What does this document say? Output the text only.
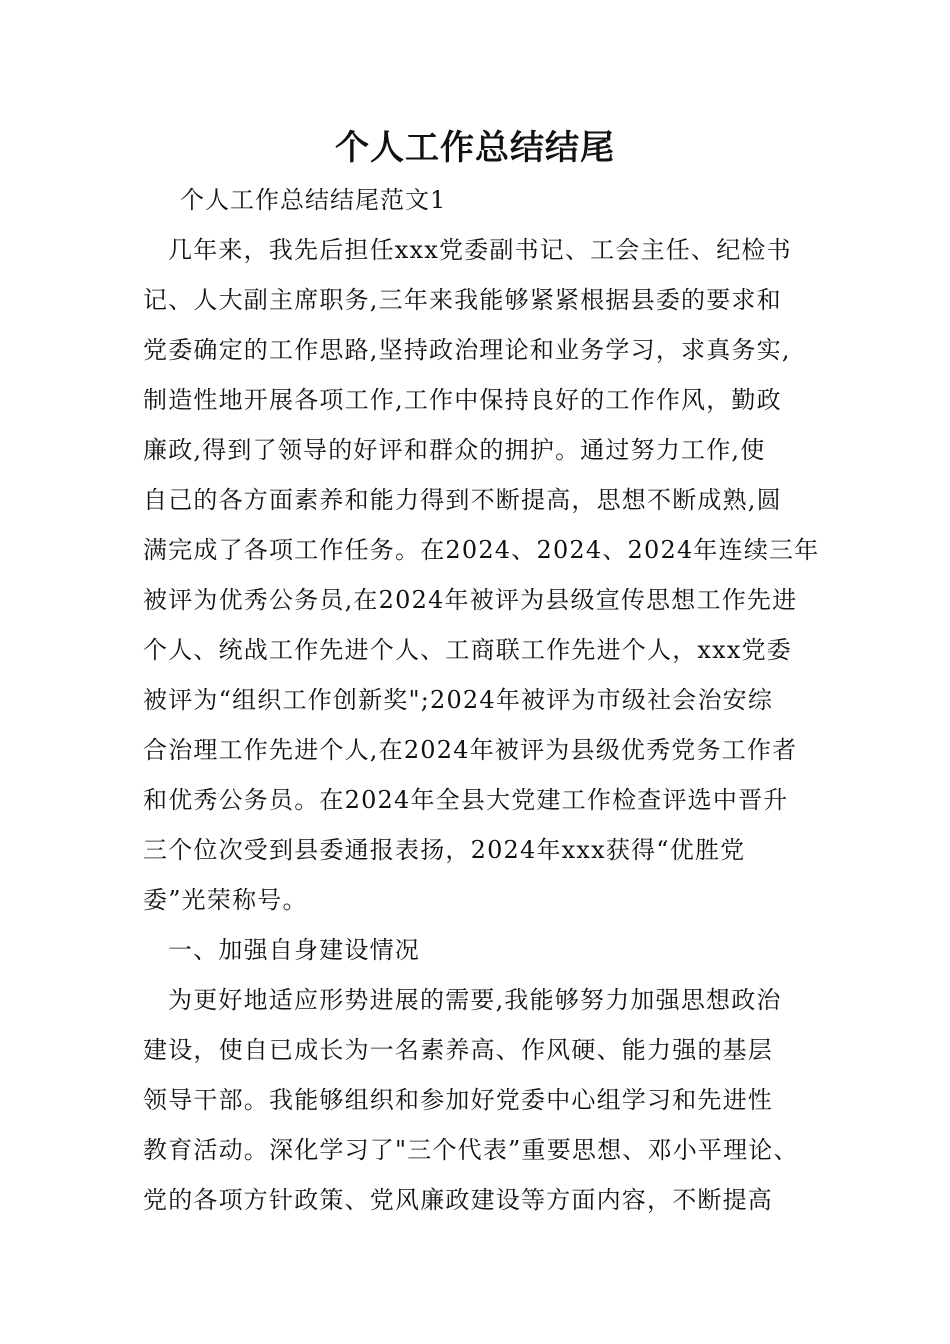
个人工作总结结尾
个人工作总结结尾范文1
几年来，我先后担任xxx党委副书记、工会主任、纪检书
记、人大副主席职务,三年来我能够紧紧根据县委的要求和
党委确定的工作思路,坚持政治理论和业务学习，求真务实,
制造性地开展各项工作,工作中保持良好的工作作风，勤政
廉政,得到了领导的好评和群众的拥护。通过努力工作,使
自己的各方面素养和能力得到不断提高，思想不断成熟,圆
满完成了各项工作任务。在2024、2024、2024年连续三年
被评为优秀公务员,在2024年被评为县级宣传思想工作先进
个人、统战工作先进个人、工商联工作先进个人，xxx党委
被评为“组织工作创新奖";2024年被评为市级社会治安综
合治理工作先进个人,在2024年被评为县级优秀党务工作者
和优秀公务员。在2024年全县大党建工作检查评选中晋升
三个位次受到县委通报表扬，2024年xxx获得“优胜党
委”光荣称号。
一、加强自身建设情况
为更好地适应形势进展的需要,我能够努力加强思想政治
建设，使自已成长为一名素养高、作风硬、能力强的基层
领导干部。我能够组织和参加好党委中心组学习和先进性
教育活动。深化学习了"三个代表”重要思想、邓小平理论、
党的各项方针政策、党风廉政建设等方面内容，不断提高
